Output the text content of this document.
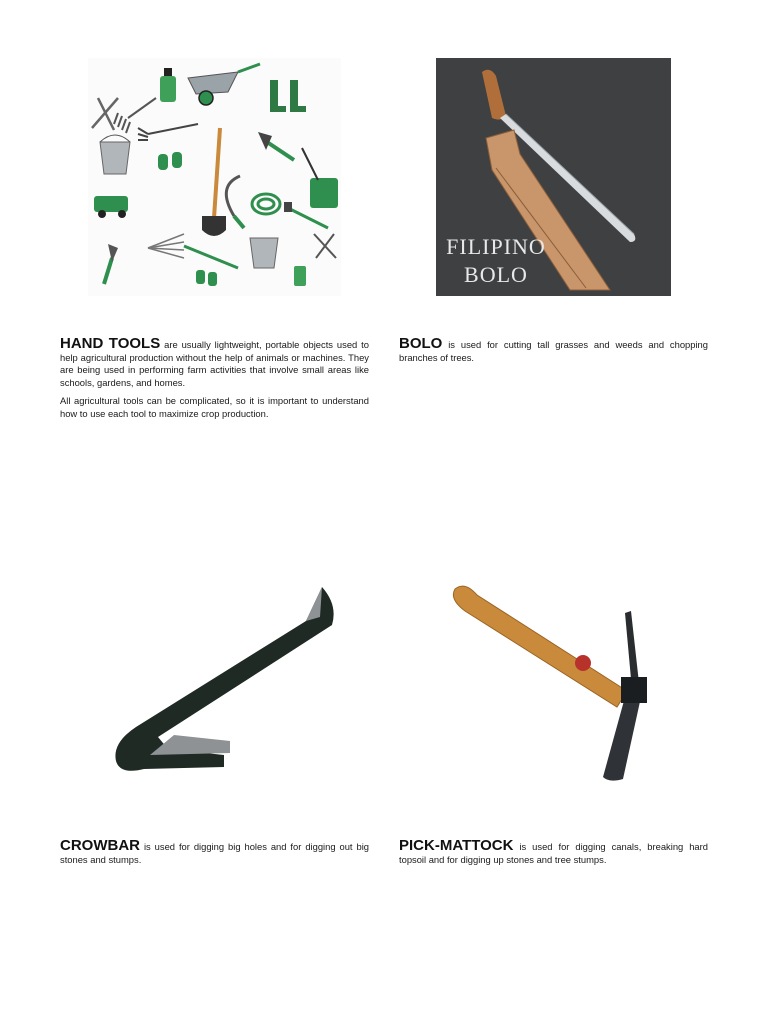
FILIPINO
BOLO

HAND TOOLS are usually lightweight, portable objects used to help agricultural production without the help of animals or machines. They are being used in performing farm activities that involve small areas like schools, gardens, and homes.

All agricultural tools can be complicated, so it is important to understand how to use each tool to maximize crop production.

BOLO is used for cutting tall grasses and weeds and chopping branches of trees.

CROWBAR is used for digging big holes and for digging out big stones and stumps.

PICK-MATTOCK is used for digging canals, breaking hard topsoil and for digging up stones and tree stumps.
